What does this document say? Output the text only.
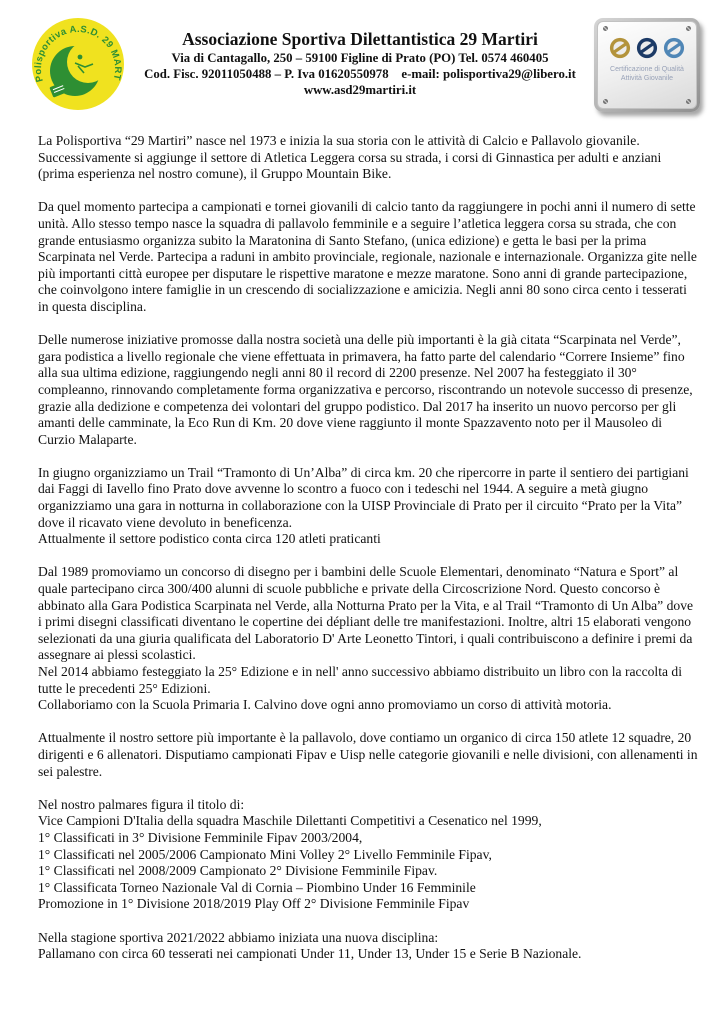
Associazione Sportiva Dilettantistica 29 Martiri
Via di Cantagallo, 250 – 59100 Figline di Prato (PO) Tel. 0574 460405
Cod. Fisc. 92011050488 – P. Iva 01620550978    e-mail: polisportiva29@libero.it
www.asd29martiri.it
Certificazione di Qualità
Attività Giovanile

La Polisportiva “29 Martiri” nasce nel 1973 e inizia la sua storia con le attività di Calcio e Pallavolo giovanile. Successivamente si aggiunge il settore di Atletica Leggera corsa su strada, i corsi di Ginnastica per adulti e anziani (prima esperienza nel nostro comune), il Gruppo Mountain Bike.

Da quel momento partecipa a campionati e tornei giovanili di calcio tanto da raggiungere in pochi anni il numero di sette unità. Allo stesso tempo nasce la squadra di pallavolo femminile e a seguire l’atletica leggera corsa su strada, che con grande entusiasmo organizza subito la Maratonina di Santo Stefano, (unica edizione) e getta le basi per la prima Scarpinata nel Verde. Partecipa a raduni in ambito provinciale, regionale, nazionale e internazionale. Organizza gite nelle più importanti città europee per disputare le rispettive maratone e mezze maratone. Sono anni di grande partecipazione, che coinvolgono intere famiglie in un crescendo di socializzazione e amicizia. Negli anni 80 sono circa cento i tesserati in questa disciplina.

Delle numerose iniziative promosse dalla nostra società una delle più importanti è la già citata “Scarpinata nel Verde”, gara podistica a livello regionale che viene effettuata in primavera, ha fatto parte del calendario “Correre Insieme” fino alla sua ultima edizione, raggiungendo negli anni 80 il record di 2200 presenze. Nel 2007 ha festeggiato il 30° compleanno, rinnovando completamente forma organizzativa e percorso, riscontrando un notevole successo di presenze, grazie alla dedizione e competenza dei volontari del gruppo podistico. Dal 2017 ha inserito un nuovo percorso per gli amanti delle camminate, la Eco Run di Km. 20 dove viene raggiunto il monte Spazzavento noto per il Mausoleo di Curzio Malaparte.

In giugno organizziamo un Trail “Tramonto di Un’Alba” di circa km. 20 che ripercorre in parte il sentiero dei partigiani dai Faggi di Iavello fino Prato dove avvenne lo scontro a fuoco con i tedeschi nel 1944. A seguire a metà giugno organizziamo una gara in notturna in collaborazione con la UISP Provinciale di Prato per il circuito “Prato per la Vita” dove il ricavato viene devoluto in beneficenza.
Attualmente il settore podistico conta circa 120 atleti praticanti

Dal 1989 promoviamo un concorso di disegno per i bambini delle Scuole Elementari, denominato “Natura e Sport” al quale partecipano circa 300/400 alunni di scuole pubbliche e private della Circoscrizione Nord. Questo concorso è abbinato alla Gara Podistica Scarpinata nel Verde, alla Notturna Prato per la Vita, e al Trail “Tramonto di Un Alba” dove i primi disegni classificati diventano le copertine dei dépliant delle tre manifestazioni. Inoltre, altri 15 elaborati vengono selezionati da una giuria qualificata del Laboratorio D' Arte Leonetto Tintori, i quali contribuiscono a definire i premi da assegnare ai plessi scolastici.
Nel 2014 abbiamo festeggiato la 25° Edizione e in nell' anno successivo abbiamo distribuito un libro con la raccolta di tutte le precedenti 25° Edizioni.
Collaboriamo con la Scuola Primaria I. Calvino dove ogni anno promoviamo un corso di attività motoria.

Attualmente il nostro settore più importante è la pallavolo, dove contiamo un organico di circa 150 atlete 12 squadre, 20 dirigenti e 6 allenatori. Disputiamo campionati Fipav e Uisp nelle categorie giovanili e nelle divisioni, con allenamenti in sei palestre.

Nel nostro palmares figura il titolo di:
Vice Campioni D'Italia della squadra Maschile Dilettanti Competitivi a Cesenatico nel 1999,
1° Classificati in 3° Divisione Femminile Fipav 2003/2004,
1° Classificati nel 2005/2006 Campionato Mini Volley 2° Livello Femminile Fipav,
1° Classificati nel 2008/2009 Campionato 2° Divisione Femminile Fipav.
1° Classificata Torneo Nazionale Val di Cornia – Piombino Under 16 Femminile
Promozione in 1° Divisione 2018/2019 Play Off 2° Divisione Femminile Fipav

Nella stagione sportiva 2021/2022 abbiamo iniziata una nuova disciplina:
Pallamano con circa 60 tesserati nei campionati Under 11, Under 13, Under 15 e Serie B Nazionale.
